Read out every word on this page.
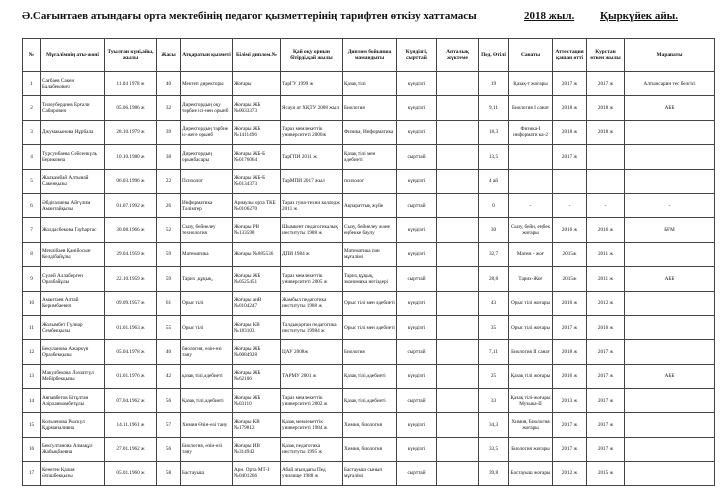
Ә.Сағынтаев атындағы орта мектебінің педагог қызметтерінің тарифтен өткізу хаттамасы	2018 жыл. Қыркүйек айы.
№	Мұғалімнің аты-жөні	Туылған күні,айы, жылы	Жасы	Атқаратын қызметі	Білімі диплом.№	Қай оқу орнын бітірді,қай жылы	Диплом бойынша мамандығы	Күндізгі, сырттай	Апталық жүктеме	Пед. Өтілі	Санаты	Аттестация қашан өтті	Курстан өткен жылы	Марапаты
1	Сағбаев Сакен Балабекович	11.04 1978 ж	40	Мектеп директоры	Жоғары	ТарГУ 1999 ж	Қазақ тілі	күндізгі		19	Қазақ-т жоғары	2017 ж	2017 ж	Алтынсарин тес белгісі
2	Тилеубердиев Ерғали Сабирович	05.06.1986 ж	32	Директордың оқу тәрбие ісі-нен орынб	Жоғары ЖБ №0033373	Ясауи ат ХҚТУ 2008 жыл	Биология	күндізгі		9,11	Биология І санат	2018 ж	2018 ж	АББ
3	Джумакынова Нұрбала	28.10.1979 ж	39	Директордың тәрбие іс-жеге орынб	Жоғары ЖБ №1411496	Тараз мемлекеттік университеті 2000ж	Физика, Информатика	күндізгі		18,3	Физика-І информати ка-2	2018 ж	2018 ж	
4	Турсунбаева Сейсенкүль Бериковна	10.10.1980 ж	38	Директордың орынбасары	Жоғары ЖБ-Б №0176064	ТарГПИ 2011 ж	Қазақ тілі мен әдебиеті	сырттай		13,5		2017 ж		
5	Жалкамбай Алтынай Сакенқызы	06.03.1996 ж	22	Психолог	Жоғары ЖБ-Б №0134373	ТарМПИ 2017 жыл	психолог	күндізгі		4 ай				
6	Әбдіғалиева Айгүлим Амантайқызы	01.07.1992 ж	26	Информатика Тәлімгер	Арнаулы орта ТКБ №0106270	Тараз гума-техни колледж 2011 ж	Ақпараттық жүйе	сырттай		0	-	-	-	-
7	Жолдасбекова Гауһартас	30.08.1966 ж	52	Сызу, бейнелеу технология	Жоғары РВ №133598	Шымкент педагогикалық институты 1988 ж	Сызу, бейнелеу және еңбекке баулу	күндізгі		30	Сызу, бейн, еңбек жоғары	2016 ж	2016 ж	БҒМ
8	Менлібаев Қанібосын Келдібайұлы	29.04.1959 ж	59	Математика	Жоғары №085536	ДПИ 1984 ж	Математика пән мұғалімі	күндізгі		32,7	Матем - жоғ	2015ж	2011 ж	
9	Сүлей Аллаберген Оразбайұлы	22.10.1959 ж	59	Тарих ,құқық,	Жоғары ЖБ №0525451	Тараз мемлекеттік университеті 2005 ж	Тарих,құқық, экономика негіздері	сырттай		28,8	Тарих-Жоғ	2015ж	2011 ж	АББ
10	Амантаев Алтай Керимбаевич	09.09.1957 ж	61	Орыс тілі	Жоғары аиВ №0104247	Жамбыл педагогика институты 1988 ж	Орыс тілі мен әдебиеті	күндізгі		43	Орыс тілі жоғары	2016 ж	2012 ж	
11	Жолымбет Гүлнар Сембекқызы	01.01.1963 ж	55	Орыс тілі	Жоғары КВ №183103	Талдықорған педагогика институты 19984 ж	Орыс тілі мен әдебиеті	күндізгі		35	Орыс тілі жоғары	2017 ж	2016 ж	
12	Бекуланова Ажаркүн Оразбекқызы	05.04.1978 ж	40	биология, өзін-өзі тану	Жоғары ЖБ №0084928	ЦАУ 2008ж	Биология	сырттай		7,11	Биология ІІ санат	2018 ж	2017 ж	
13	Макулбекова Ләззатгүл Мейірбекқызы	01.01.1976 ж	42	қазақ тілі,әдебиеті	Жоғары ЖБ №62106	ТАРМУ 2001 ж	Қазақ тілі,әдебиеті	күндізгі		25	Қазақ тілі жоғары	2016 ж	2017 ж	АББ
14	Аяпавбетов Бітұлтан Азірханмамбетұлы	07.04.1962 ж	56	Қазақ тілі,әдебиеті	Жоғары ЖБ №03110	Тараз мемлекеттік университеті 2002 ж	Қазақ тілі,әдебиеті	сырттай		33	Қазақ тілі-жоғары Музыка-ІІ	2013 ж	2017 ж	
15	Кользенова Рыскүл Қдрманаливна	14.11.1961 ж	57	Химия Өзін-өзі тану	Жоғары КВ №179812	Қазақ мемлекеттік университеті 1984 ж	Химия, биология	күндізгі		34,3	Химия, Биология жоғары	2017 ж	2017 ж	
16	Бексултанова Алмақұл Жабықбаевна	27.01.1962 ж	56	Биология, өзін-өзі тану	Жоғары ИВ №314942	Қазақ педагогика институты 1995 ж	Химия, биология	күндізгі		33,5	Биология жоғары	2017 ж	2017 ж	
17	Кеөеген Қалия Әлішбекқызы	05.01.1960 ж	58	Бастауыш	Арн. Орта МТ-І №0401266	Абай атындағы Пед училище 1988 ж	Бастауыш сынып мұғалімі	сырттай		39,8	Бастауыш жоғары	2012 ж	2015 ж	
